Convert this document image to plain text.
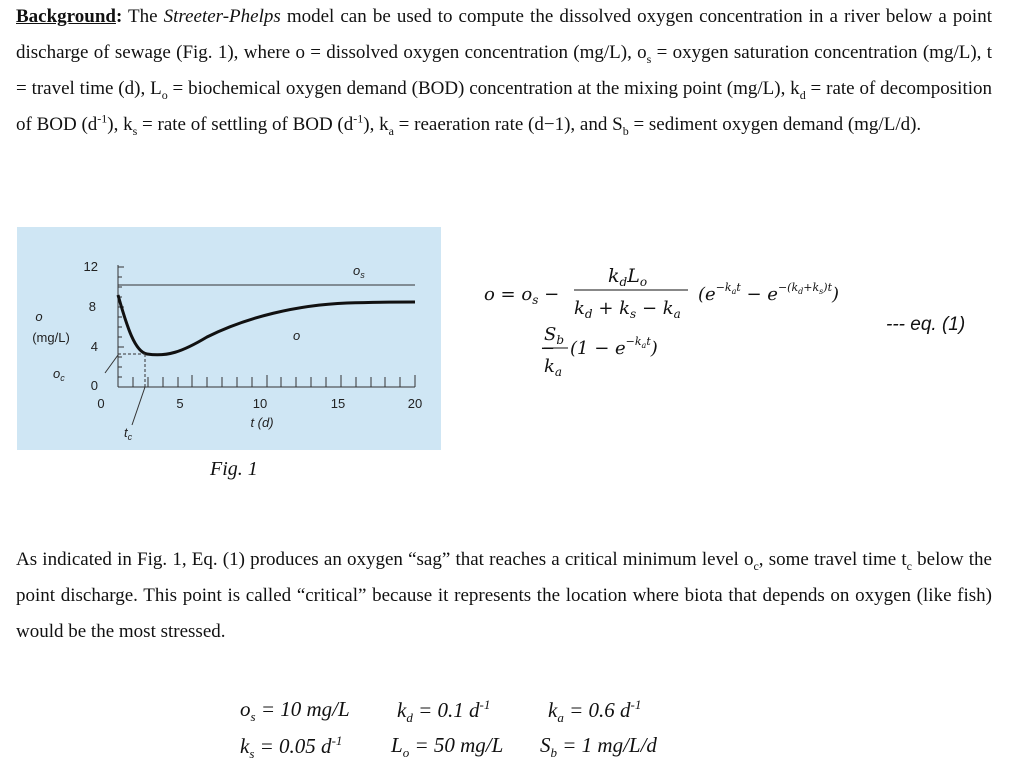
Background: The Streeter-Phelps model can be used to compute the dissolved oxygen concentration in a river below a point discharge of sewage (Fig. 1), where o = dissolved oxygen concentration (mg/L), $o_s$ = oxygen saturation concentration (mg/L), t = travel time (d), $L_o$ = biochemical oxygen demand (BOD) concentration at the mixing point (mg/L), $k_d$ = rate of decomposition of BOD $(d^{-1})$, $k_s$ = rate of settling of BOD $(d^{-1})$, $k_a$ = reaeration rate (d−1), and $S_b$ = sediment oxygen demand (mg/L/d).
0
4
8
12
0	5	10	15	20
t (d)
o
(mg/L)
$o_s$
o
$o_c$
$t_c$
Fig. 1
$o = o_s$ −
$k_dL_o$
$k_d + k_s - k_a$
$(e^{-k}at - e^{-(k}d+ks)t$)
−
$S_b$
$k_a$
$(1 - e^{-k}at)$
--- eq. (1)
As indicated in Fig. 1, Eq. (1) produces an oxygen “sag” that reaches a critical minimum level $o_c$, some travel time $t_c$ below the point discharge. This point is called “critical” because it represents the location where biota that depends on oxygen (like fish) would be the most stressed.
$o_s = 10$ mg/L $k_d = 0.1$ $d^{-1}$	$k_a = 0.6$ $d^{-1}$
$k_s = 0.05$ $d^{-1}$ $L_o = 50$ mg/L $S_b = 1$ mg/L/d
